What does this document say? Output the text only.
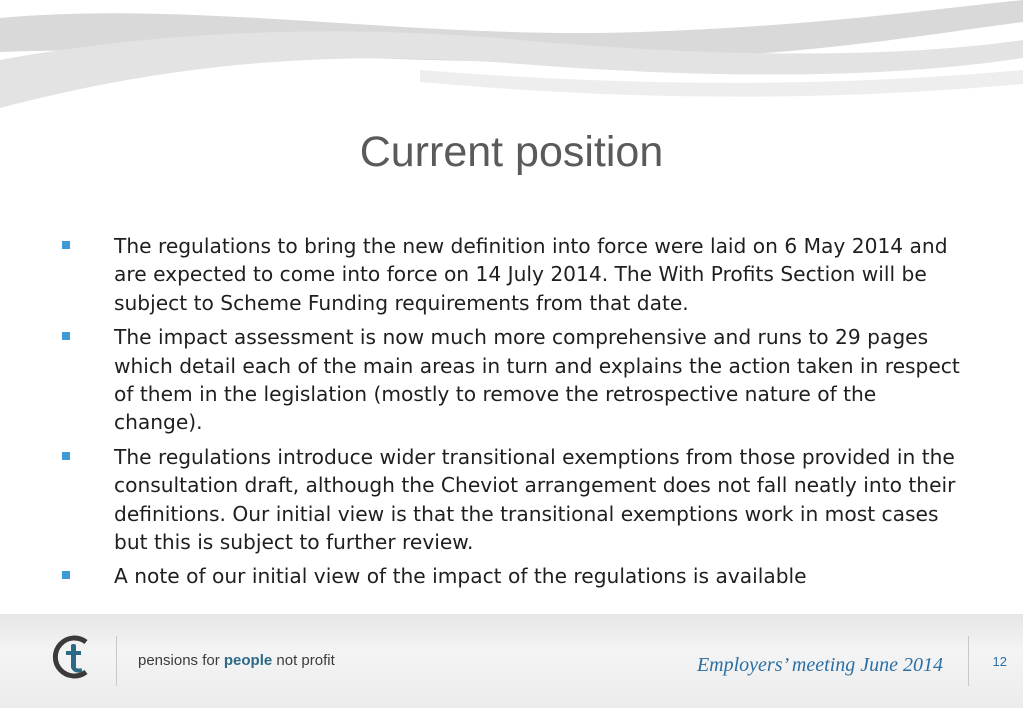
Current position
The regulations to bring the new definition into force were laid on 6 May 2014 and are expected to come into force on 14 July 2014. The With Profits Section will be subject to Scheme Funding requirements from that date.
The impact assessment is now much more comprehensive and runs to 29 pages which detail each of the main areas in turn and explains the action taken in respect of them in the legislation (mostly to remove the retrospective nature of the change).
The regulations introduce wider transitional exemptions from those provided in the consultation draft, although the Cheviot arrangement does not fall neatly into their definitions. Our initial view is that the transitional exemptions work in most cases but this is subject to further review.
A note of our initial view of the impact of the regulations is available
pensions for people not profit	Employers’ meeting June 2014	12
